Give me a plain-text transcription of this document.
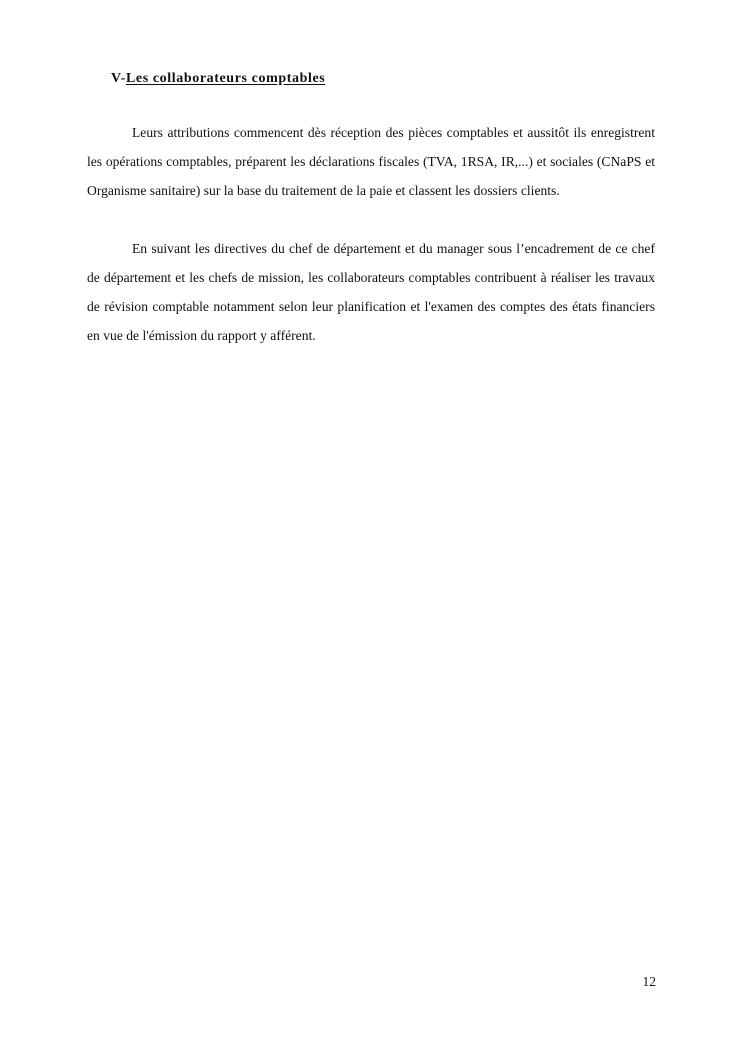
V-Les collaborateurs comptables

Leurs attributions commencent dès réception des pièces comptables et aussitôt ils enregistrent les opérations comptables, préparent les déclarations fiscales (TVA, 1RSA, IR,...) et sociales (CNaPS et Organisme sanitaire) sur la base du traitement de la paie et classent les dossiers clients.

En suivant les directives du chef de département et du manager sous l’encadrement de ce chef de département et les chefs de mission, les collaborateurs comptables contribuent à réaliser les travaux de révision comptable notamment selon leur planification et l'examen des comptes des états financiers en vue de l'émission du rapport y afférent.

12
